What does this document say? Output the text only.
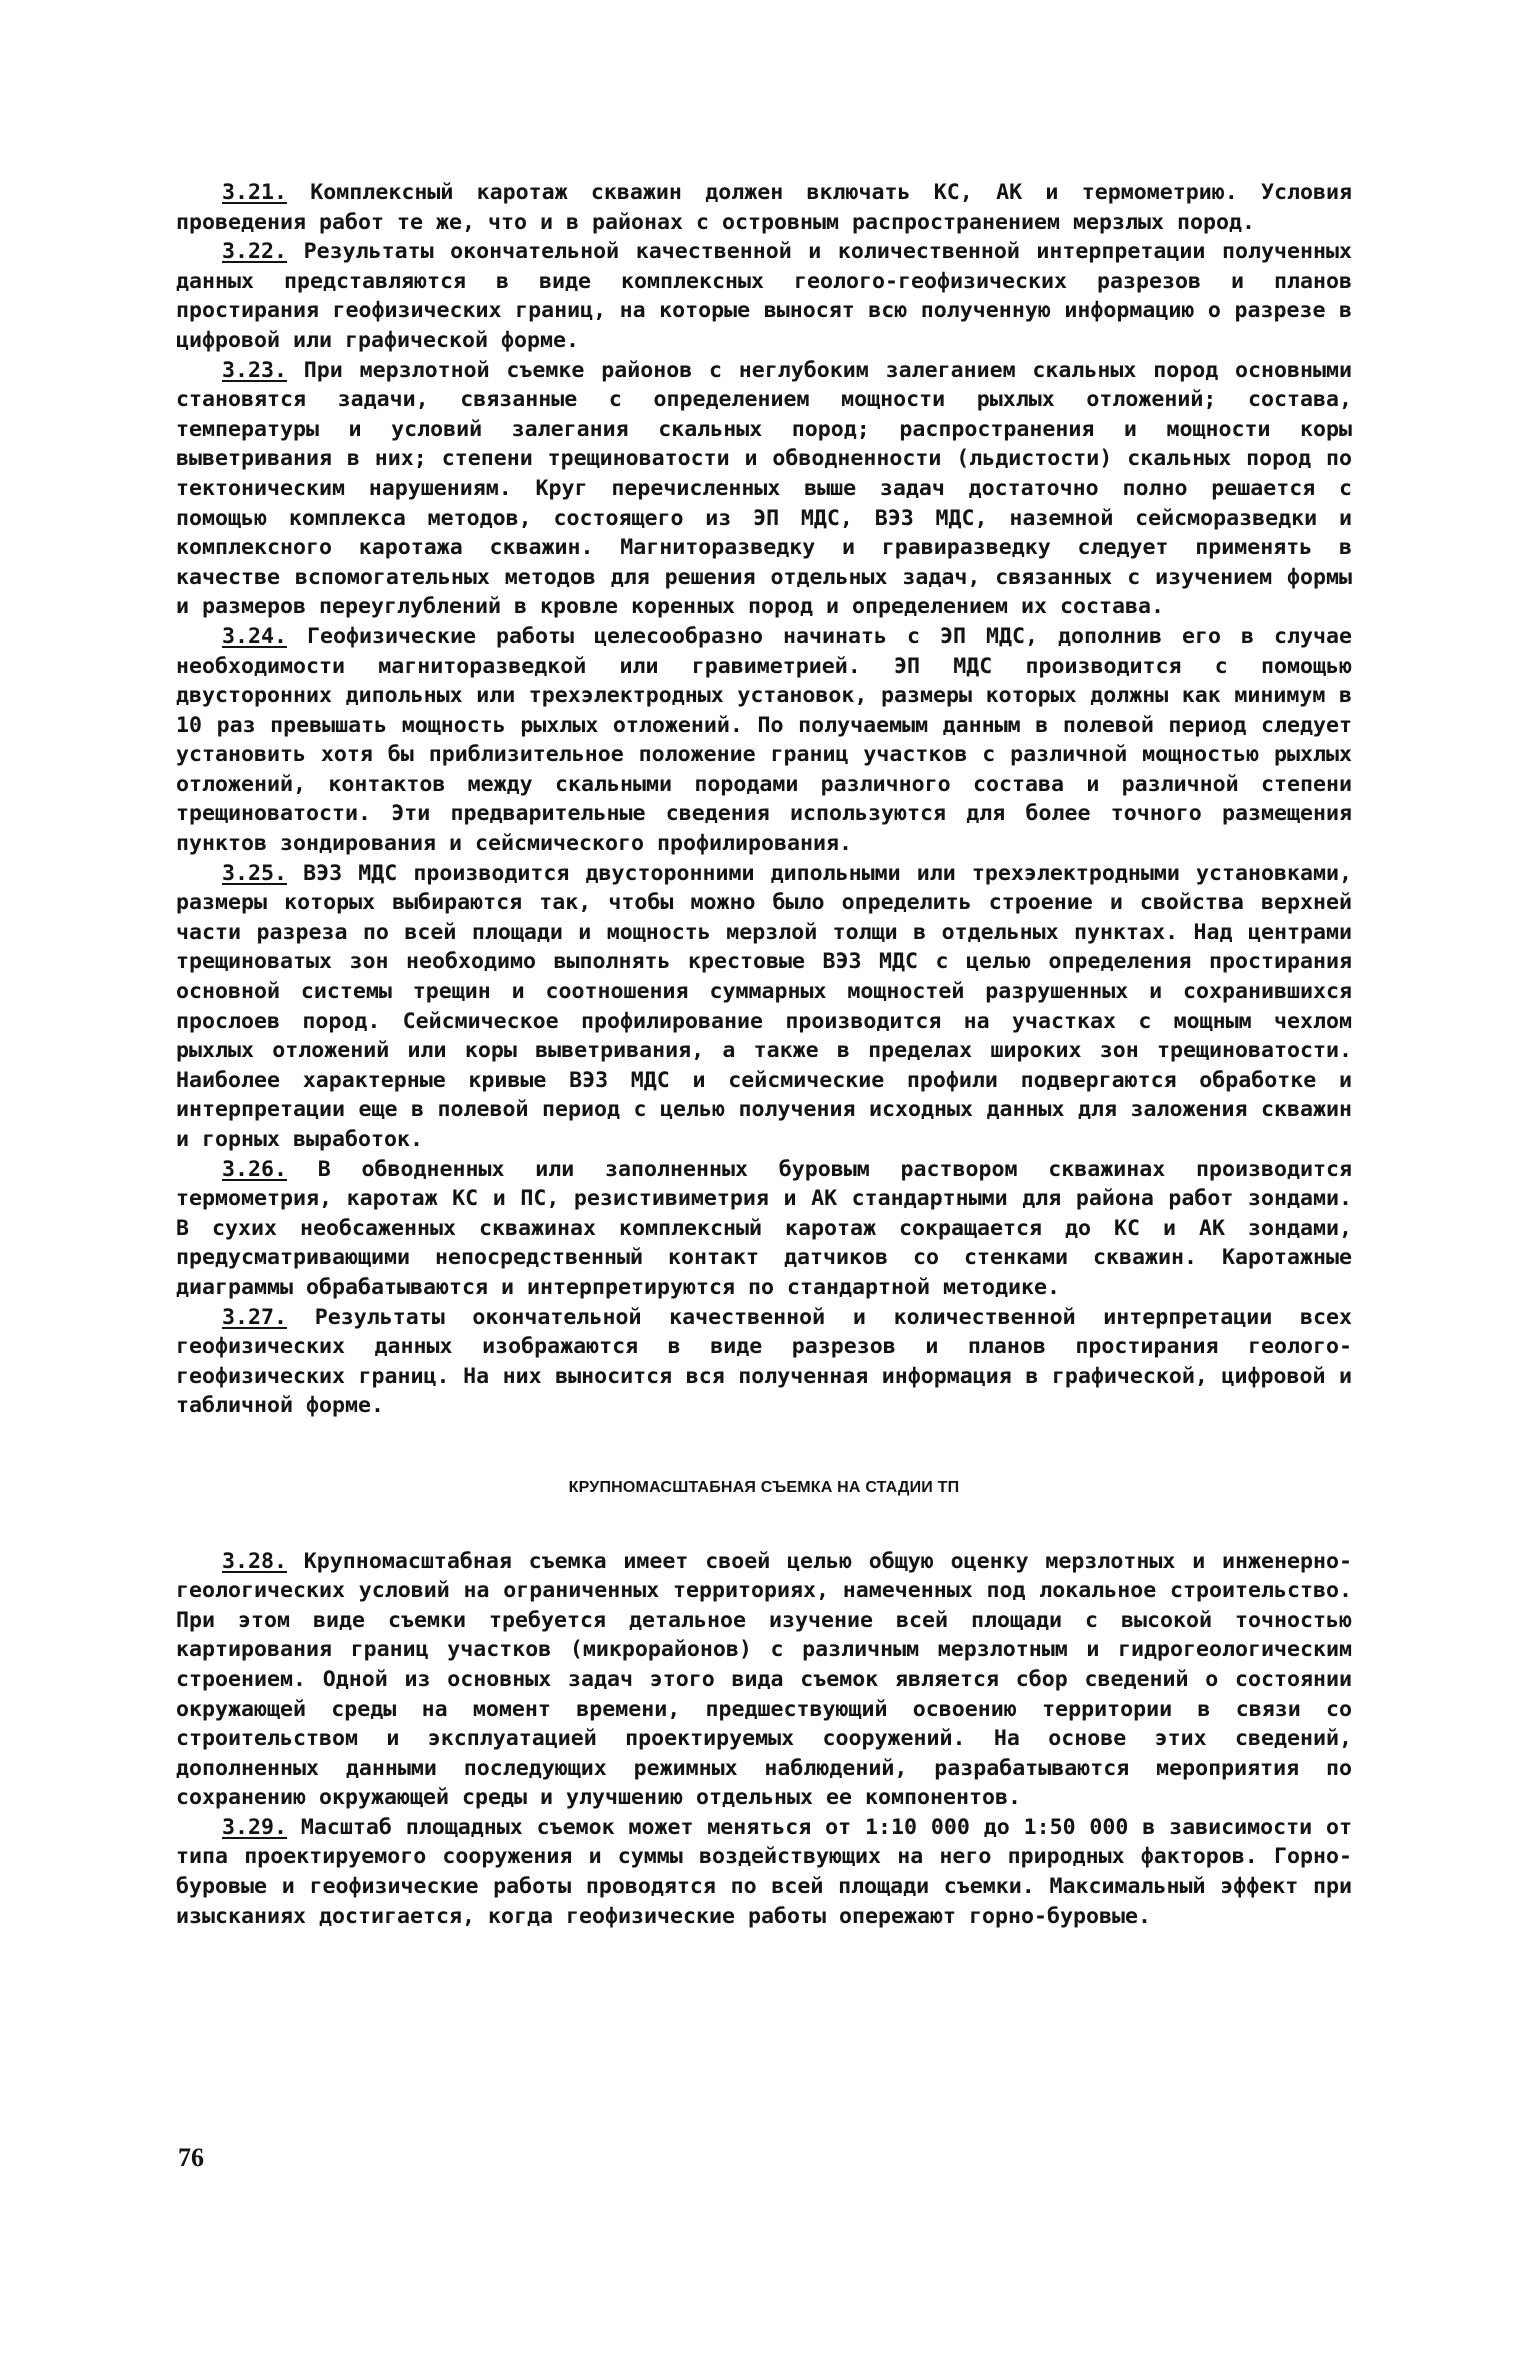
3.21. Комплексный каротаж скважин должен включать КС, АК и термометрию. Условия проведения работ те же, что и в районах с островным распространением мерзлых пород.

3.22. Результаты окончательной качественной и количественной интерпретации полученных данных представляются в виде комплексных геолого-геофизических разрезов и планов простирания геофизических границ, на которые выносят всю полученную информацию о разрезе в цифровой или графической форме.

3.23. При мерзлотной съемке районов с неглубоким залеганием скальных пород основными становятся задачи, связанные с определением мощности рыхлых отложений; состава, температуры и условий залегания скальных пород; распространения и мощности коры выветривания в них; степени трещиноватости и обводненности (льдистости) скальных пород по тектоническим нарушениям. Круг перечисленных выше задач достаточно полно решается с помощью комплекса методов, состоящего из ЭП МДС, ВЭЗ МДС, наземной сейсморазведки и комплексного каротажа скважин. Магниторазведку и гравиразведку следует применять в качестве вспомогательных методов для решения отдельных задач, связанных с изучением формы и размеров переуглублений в кровле коренных пород и определением их состава.

3.24. Геофизические работы целесообразно начинать с ЭП МДС, дополнив его в случае необходимости магниторазведкой или гравиметрией. ЭП МДС производится с помощью двусторонних дипольных или трехэлектродных установок, размеры которых должны как минимум в 10 раз превышать мощность рыхлых отложений. По получаемым данным в полевой период следует установить хотя бы приблизительное положение границ участков с различной мощностью рыхлых отложений, контактов между скальными породами различного состава и различной степени трещиноватости. Эти предварительные сведения используются для более точного размещения пунктов зондирования и сейсмического профилирования.

3.25. ВЭЗ МДС производится двусторонними дипольными или трехэлектродными установками, размеры которых выбираются так, чтобы можно было определить строение и свойства верхней части разреза по всей площади и мощность мерзлой толщи в отдельных пунктах. Над центрами трещиноватых зон необходимо выполнять крестовые ВЭЗ МДС с целью определения простирания основной системы трещин и соотношения суммарных мощностей разрушенных и сохранившихся прослоев пород. Сейсмическое профилирование производится на участках с мощным чехлом рыхлых отложений или коры выветривания, а также в пределах широких зон трещиноватости. Наиболее характерные кривые ВЭЗ МДС и сейсмические профили подвергаются обработке и интерпретации еще в полевой период с целью получения исходных данных для заложения скважин и горных выработок.

3.26. В обводненных или заполненных буровым раствором скважинах производится термометрия, каротаж КС и ПС, резистивиметрия и АК стандартными для района работ зондами. В сухих необсаженных скважинах комплексный каротаж сокращается до КС и АК зондами, предусматривающими непосредственный контакт датчиков со стенками скважин. Каротажные диаграммы обрабатываются и интерпретируются по стандартной методике.

3.27. Результаты окончательной качественной и количественной интерпретации всех геофизических данных изображаются в виде разрезов и планов простирания геолого-геофизических границ. На них выносится вся полученная информация в графической, цифровой и табличной форме.

КРУПНОМАСШТАБНАЯ СЪЕМКА НА СТАДИИ ТП

3.28. Крупномасштабная съемка имеет своей целью общую оценку мерзлотных и инженерно-геологических условий на ограниченных территориях, намеченных под локальное строительство. При этом виде съемки требуется детальное изучение всей площади с высокой точностью картирования границ участков (микрорайонов) с различным мерзлотным и гидрогеологическим строением. Одной из основных задач этого вида съемок является сбор сведений о состоянии окружающей среды на момент времени, предшествующий освоению территории в связи со строительством и эксплуатацией проектируемых сооружений. На основе этих сведений, дополненных данными последующих режимных наблюдений, разрабатываются мероприятия по сохранению окружающей среды и улучшению отдельных ее компонентов.

3.29. Масштаб площадных съемок может меняться от 1:10 000 до 1:50 000 в зависимости от типа проектируемого сооружения и суммы воздействующих на него природных факторов. Горно-буровые и геофизические работы проводятся по всей площади съемки. Максимальный эффект при изысканиях достигается, когда геофизические работы опережают горно-буровые.

76
